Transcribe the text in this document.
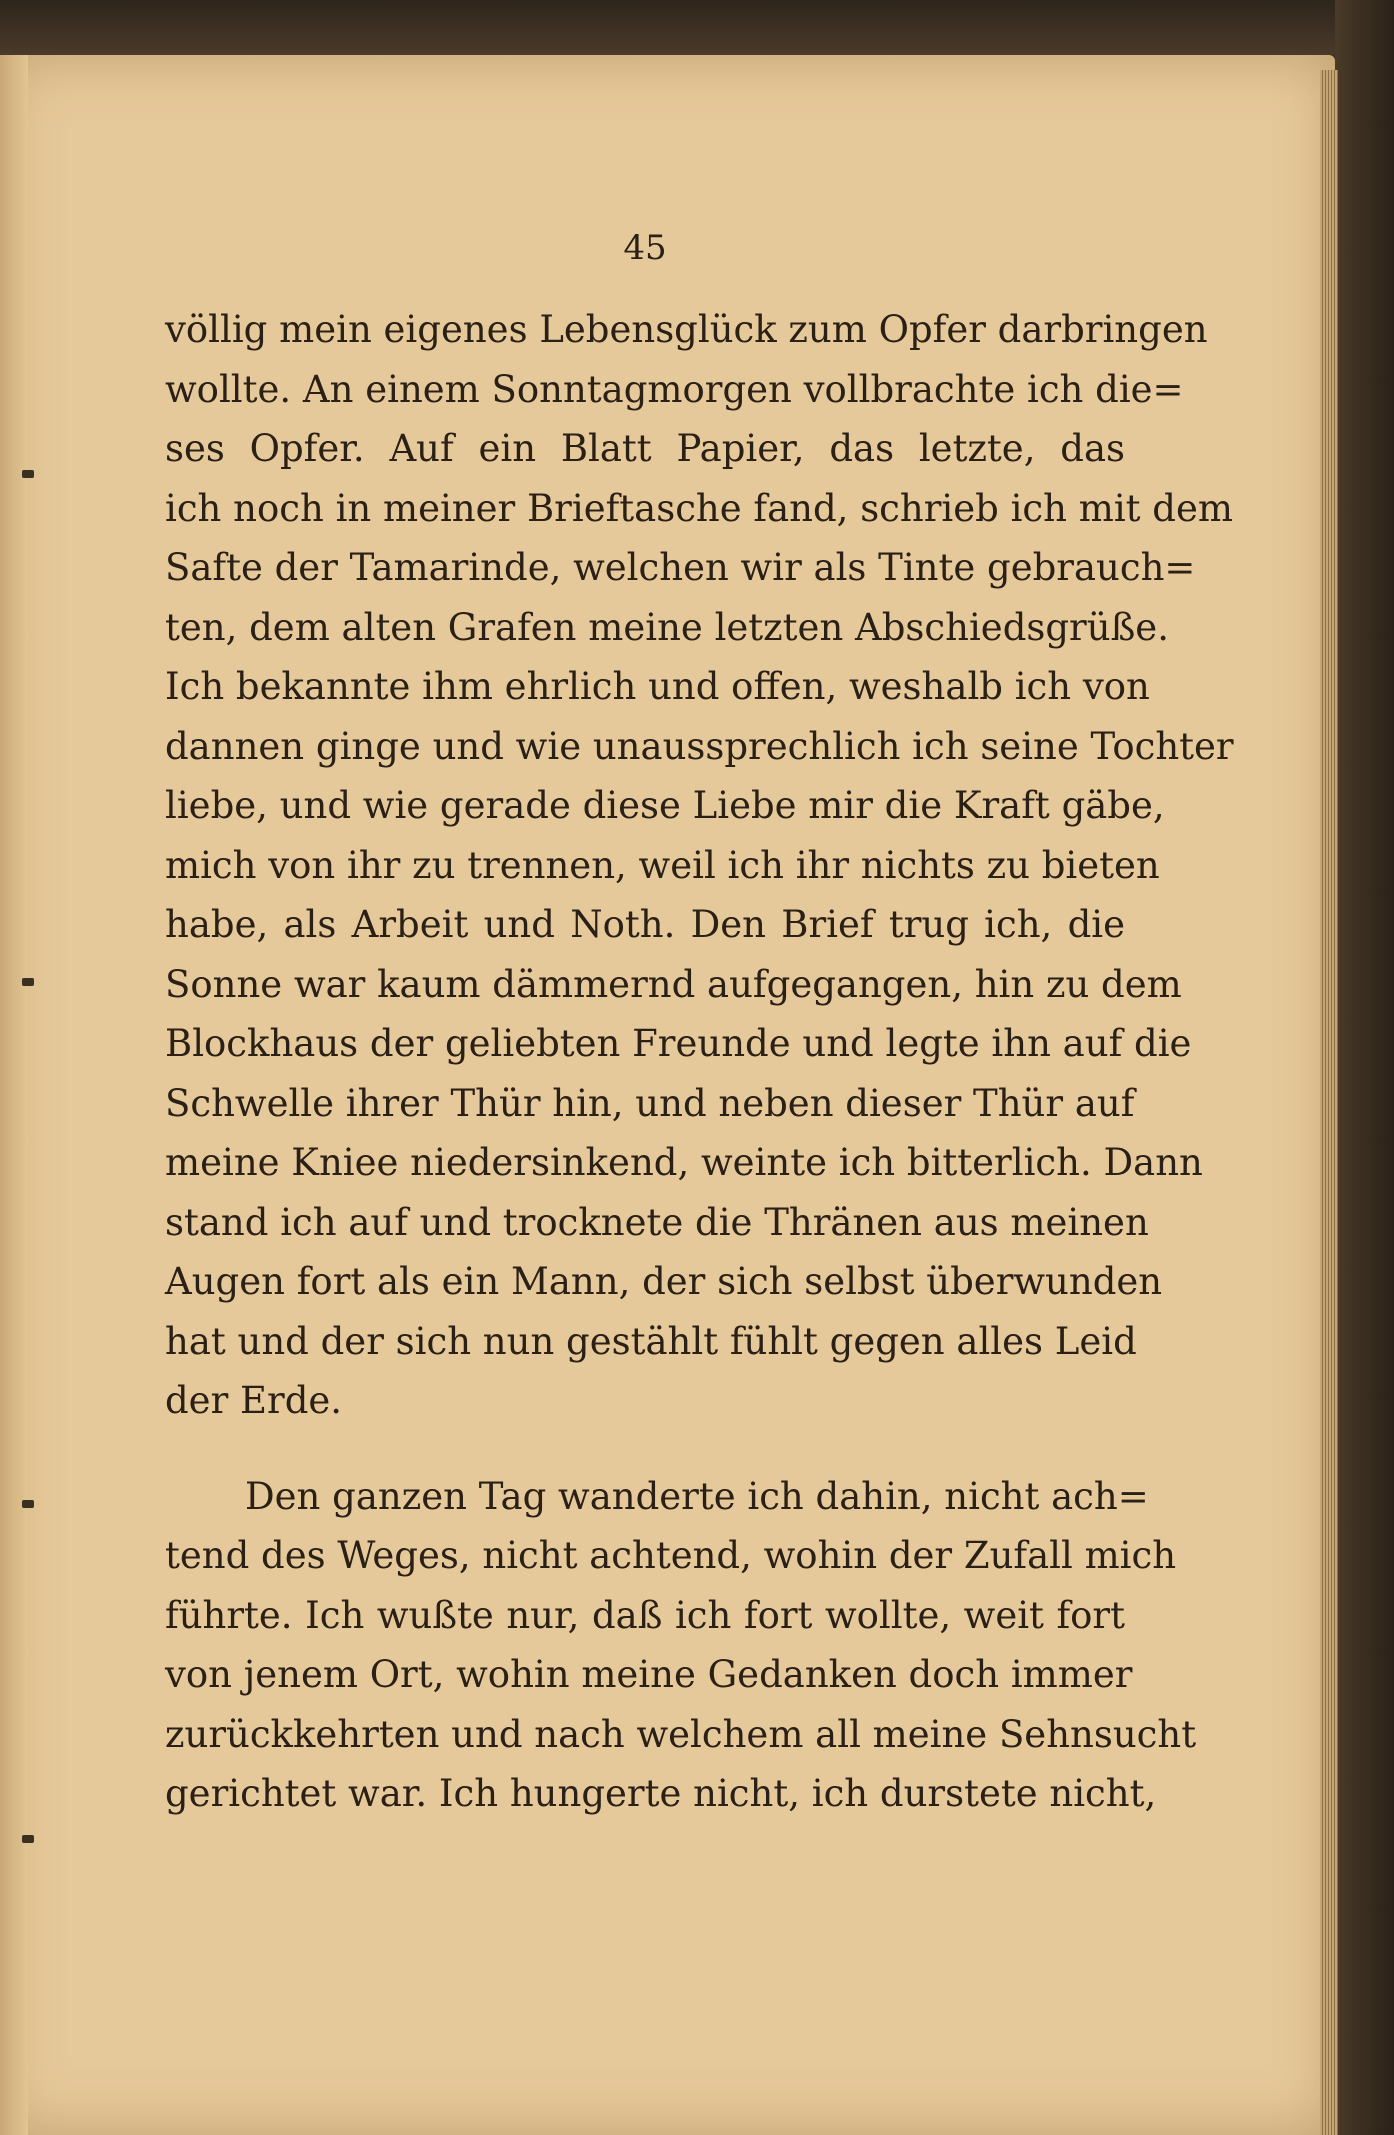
45
völlig mein eigenes Lebensglück zum Opfer darbringen
wollte. An einem Sonntagmorgen vollbrachte ich die=
ses Opfer. Auf ein Blatt Papier, das letzte, das
ich noch in meiner Brieftasche fand, schrieb ich mit dem
Safte der Tamarinde, welchen wir als Tinte gebrauch=
ten, dem alten Grafen meine letzten Abschiedsgrüße.
Ich bekannte ihm ehrlich und offen, weshalb ich von
dannen ginge und wie unaussprechlich ich seine Tochter
liebe, und wie gerade diese Liebe mir die Kraft gäbe,
mich von ihr zu trennen, weil ich ihr nichts zu bieten
habe, als Arbeit und Noth. Den Brief trug ich, die
Sonne war kaum dämmernd aufgegangen, hin zu dem
Blockhaus der geliebten Freunde und legte ihn auf die
Schwelle ihrer Thür hin, und neben dieser Thür auf
meine Kniee niedersinkend, weinte ich bitterlich. Dann
stand ich auf und trocknete die Thränen aus meinen
Augen fort als ein Mann, der sich selbst überwunden
hat und der sich nun gestählt fühlt gegen alles Leid
der Erde.
Den ganzen Tag wanderte ich dahin, nicht ach=
tend des Weges, nicht achtend, wohin der Zufall mich
führte. Ich wußte nur, daß ich fort wollte, weit fort
von jenem Ort, wohin meine Gedanken doch immer
zurückkehrten und nach welchem all meine Sehnsucht
gerichtet war. Ich hungerte nicht, ich durstete nicht,
